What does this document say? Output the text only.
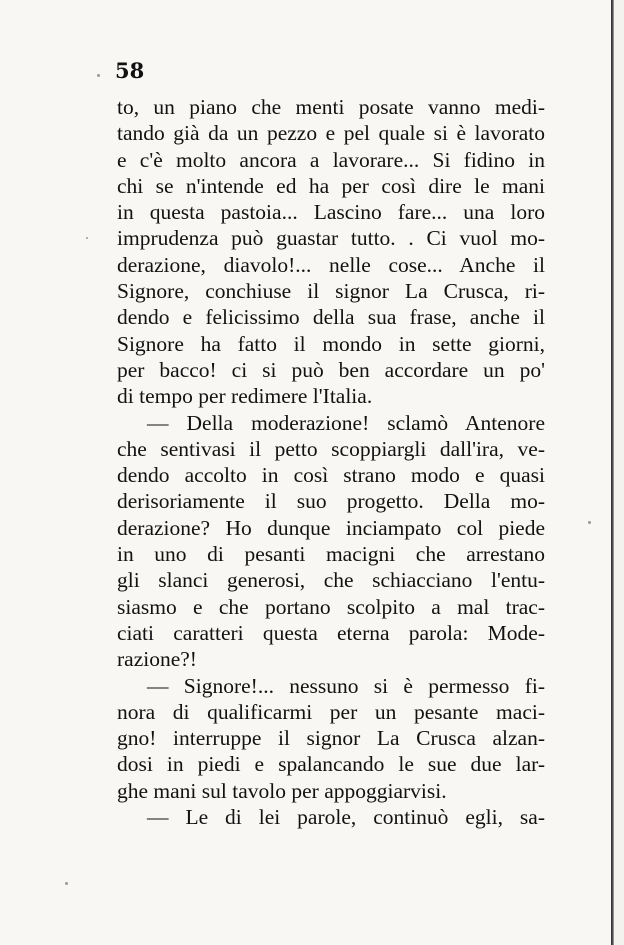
58
to, un piano che menti posate vanno medi-
tando già da un pezzo e pel quale si è lavorato
e c'è molto ancora a lavorare... Si fidino in
chi se n'intende ed ha per così dire le mani
in questa pastoia... Lascino fare... una loro
imprudenza può guastar tutto. . Ci vuol mo-
derazione, diavolo!... nelle cose... Anche il
Signore, conchiuse il signor La Crusca, ri-
dendo e felicissimo della sua frase, anche il
Signore ha fatto il mondo in sette giorni,
per bacco! ci si può ben accordare un po'
di tempo per redimere l'Italia.
— Della moderazione! sclamò Antenore
che sentivasi il petto scoppiargli dall'ira, ve-
dendo accolto in così strano modo e quasi
derisoriamente il suo progetto. Della mo-
derazione? Ho dunque inciampato col piede
in uno di pesanti macigni che arrestano
gli slanci generosi, che schiacciano l'entu-
siasmo e che portano scolpito a mal trac-
ciati caratteri questa eterna parola: Mode-
razione?!
— Signore!... nessuno si è permesso fi-
nora di qualificarmi per un pesante maci-
gno! interruppe il signor La Crusca alzan-
dosi in piedi e spalancando le sue due lar-
ghe mani sul tavolo per appoggiarvisi.
— Le di lei parole, continuò egli, sa-
